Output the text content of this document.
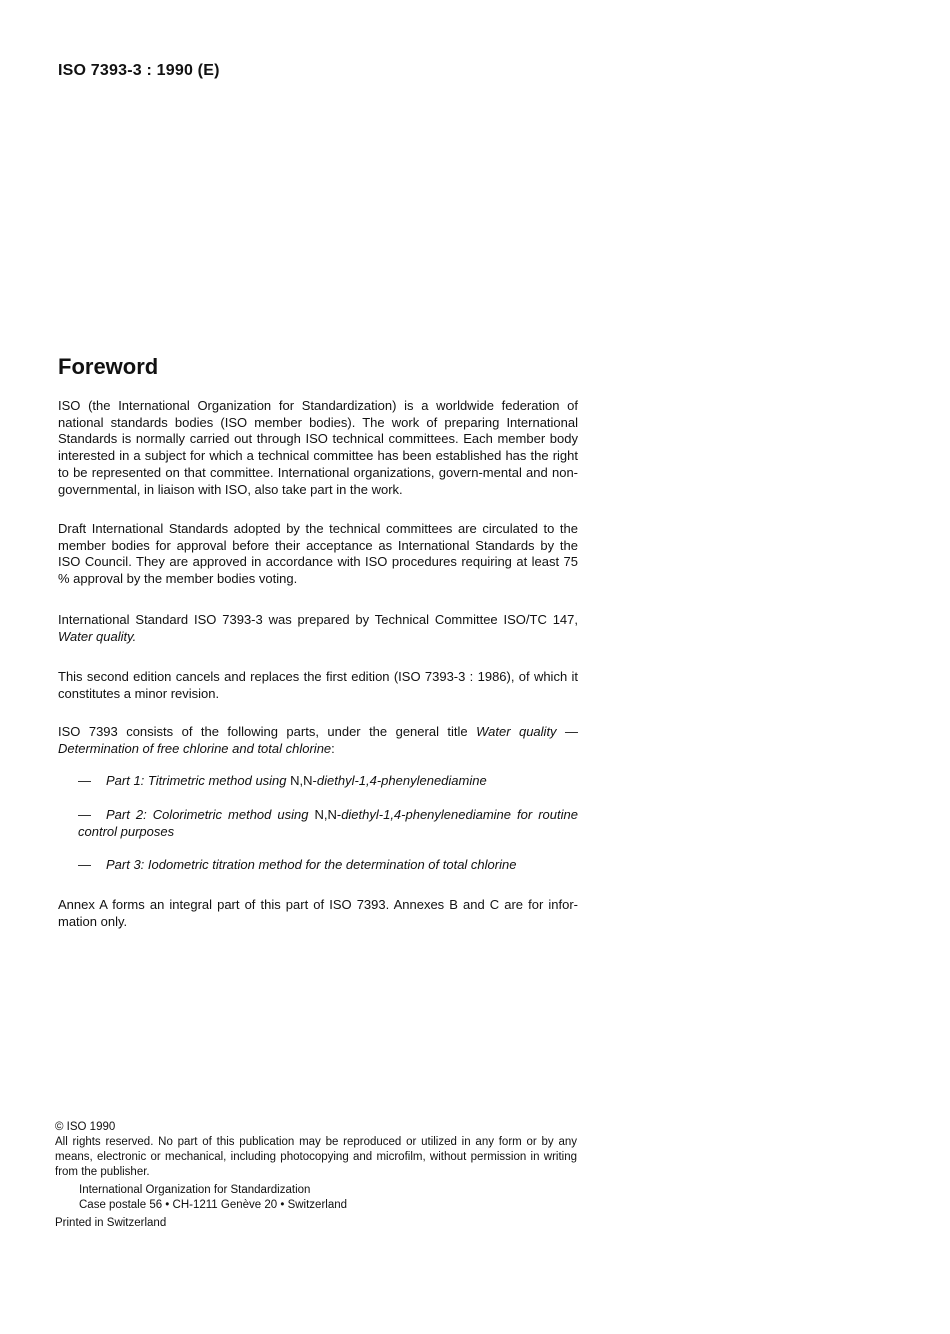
ISO 7393-3 : 1990 (E)
Foreword

ISO (the International Organization for Standardization) is a worldwide federation of national standards bodies (ISO member bodies). The work of preparing International Standards is normally carried out through ISO technical committees. Each member body interested in a subject for which a technical committee has been established has the right to be represented on that committee. International organizations, govern-mental and non-governmental, in liaison with ISO, also take part in the work.

Draft International Standards adopted by the technical committees are circulated to the member bodies for approval before their acceptance as International Standards by the ISO Council. They are approved in accordance with ISO procedures requiring at least 75 % approval by the member bodies voting.

International Standard ISO 7393-3 was prepared by Technical Committee ISO/TC 147, Water quality.

This second edition cancels and replaces the first edition (ISO 7393-3 : 1986), of which it constitutes a minor revision.

ISO 7393 consists of the following parts, under the general title Water quality — Determination of free chlorine and total chlorine:

— Part 1: Titrimetric method using N,N-diethyl-1,4-phenylenediamine

— Part 2: Colorimetric method using N,N-diethyl-1,4-phenylenediamine for routine control purposes

— Part 3: Iodometric titration method for the determination of total chlorine

Annex A forms an integral part of this part of ISO 7393. Annexes B and C are for infor-mation only.

© ISO 1990
All rights reserved. No part of this publication may be reproduced or utilized in any form or by any means, electronic or mechanical, including photocopying and microfilm, without permission in writing from the publisher.
International Organization for Standardization
Case postale 56 • CH-1211 Genève 20 • Switzerland
Printed in Switzerland
